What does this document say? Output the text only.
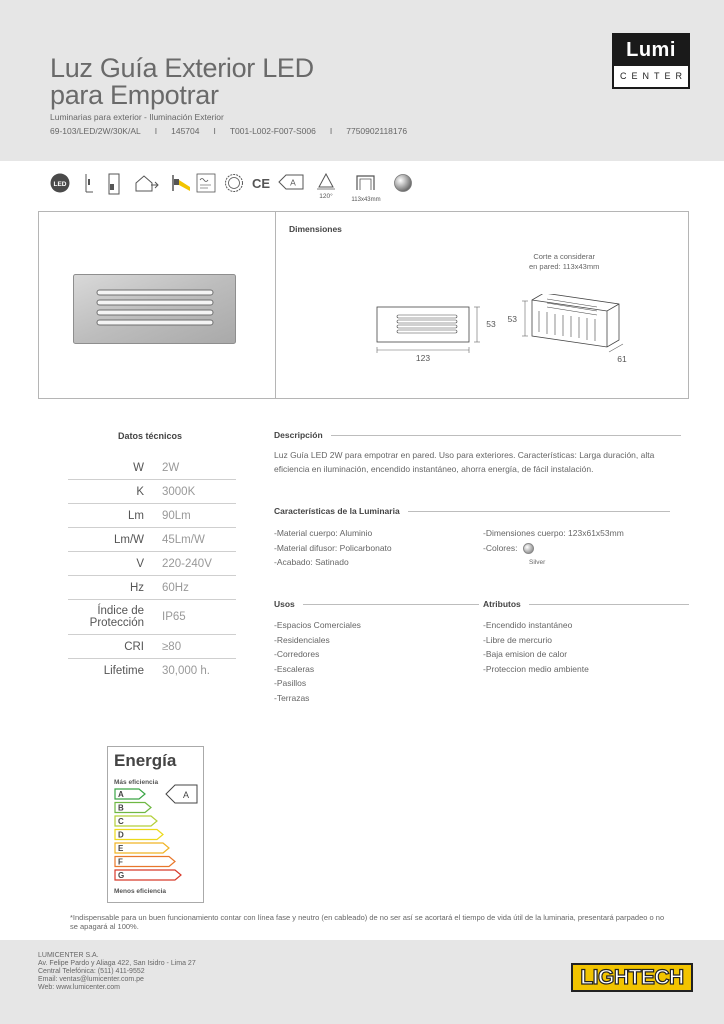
Luz Guía Exterior LED
para Empotrar
Luminarias para exterior - Iluminación Exterior
69-103/LED/2W/30K/AL I 145704 I T001-L002-F007-S006 I 7750902118176
Lumi
CENTER
LED	CE A
120°	113x43mm
Dimensiones
Corte a considerar
en pared: 113x43mm
53
123
53
61
Datos técnicos
W 2W
K 3000K
Lm 90Lm
Lm/W 45Lm/W
V 220-240V
Hz 60Hz
Índice de
Protección IP65
CRI ≥80
Lifetime 30,000 h.
Descripción
Luz Guía LED 2W para empotrar en pared. Uso para exteriores. Características: Larga duración, alta eficiencia en iluminación, encendido instantáneo, ahorra energía, de fácil instalación.
Características de la Luminaria
-Material cuerpo: Aluminio
-Material difusor: Policarbonato
-Acabado: Satinado
-Dimensiones cuerpo: 123x61x53mm
-Colores:
Silver
Usos
-Espacios Comerciales
-Residenciales
-Corredores
-Escaleras
-Pasillos
-Terrazas
Atributos
-Encendido instantáneo
-Libre de mercurio
-Baja emision de calor
-Proteccion medio ambiente
Energía
Más eficiencia
A
B
C
D
E
F
G
A
Menos eficiencia
*Indispensable para un buen funcionamiento contar con línea fase y neutro (en cableado) de no ser así se acortará el tiempo de vida útil de la luminaria, presentará parpadeo o no se apagará al 100%.
LUMICENTER S.A.
Av. Felipe Pardo y Aliaga 422, San Isidro - Lima 27
Central Telefónica: (511) 411-9552
Email: ventas@lumicenter.com.pe
Web: www.lumicenter.com	LIGHTECH
